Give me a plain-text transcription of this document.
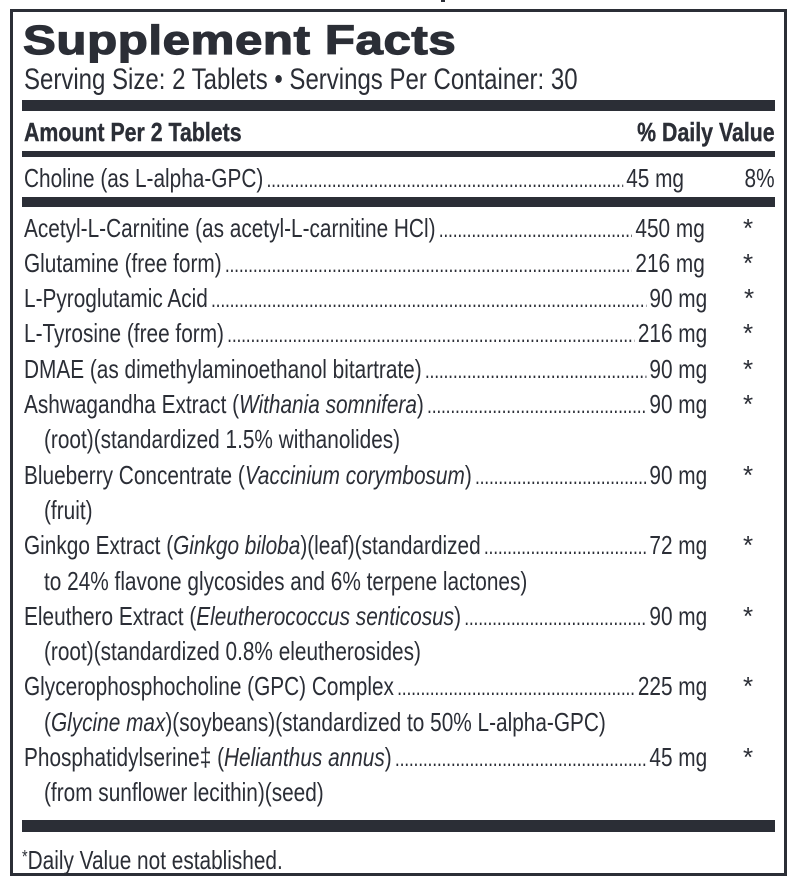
Supplement Facts
Serving Size: 2 Tablets • Servings Per Container: 30
Amount Per 2 Tablets	% Daily Value
Choline (as L-alpha-GPC) . . .	45 mg 8%
Acetyl-L-Carnitine (as acetyl-L-carnitine HCl) . . .	450 mg *
Glutamine (free form) . . .	216 mg *
L-Pyroglutamic Acid . . .	90 mg *
L-Tyrosine (free form) . . .	216 mg *
DMAE (as dimethylaminoethanol bitartrate) . . .	90 mg *
Ashwagandha Extract (Withania somnifera) . . .	90 mg *
(root)(standardized 1.5% withanolides)
Blueberry Concentrate (Vaccinium corymbosum) . . .	90 mg *
(fruit)
Ginkgo Extract (Ginkgo biloba)(leaf)(standardized . . .	72 mg *
to 24% flavone glycosides and 6% terpene lactones)
Eleuthero Extract (Eleutherococcus senticosus) . . .	90 mg *
(root)(standardized 0.8% eleutherosides)
Glycerophosphocholine (GPC) Complex . . .	225 mg *
(Glycine max)(soybeans)(standardized to 50% L-alpha-GPC)
Phosphatidylserine‡ (Helianthus annus) . . .	45 mg *
(from sunflower lecithin)(seed)
*Daily Value not established.
